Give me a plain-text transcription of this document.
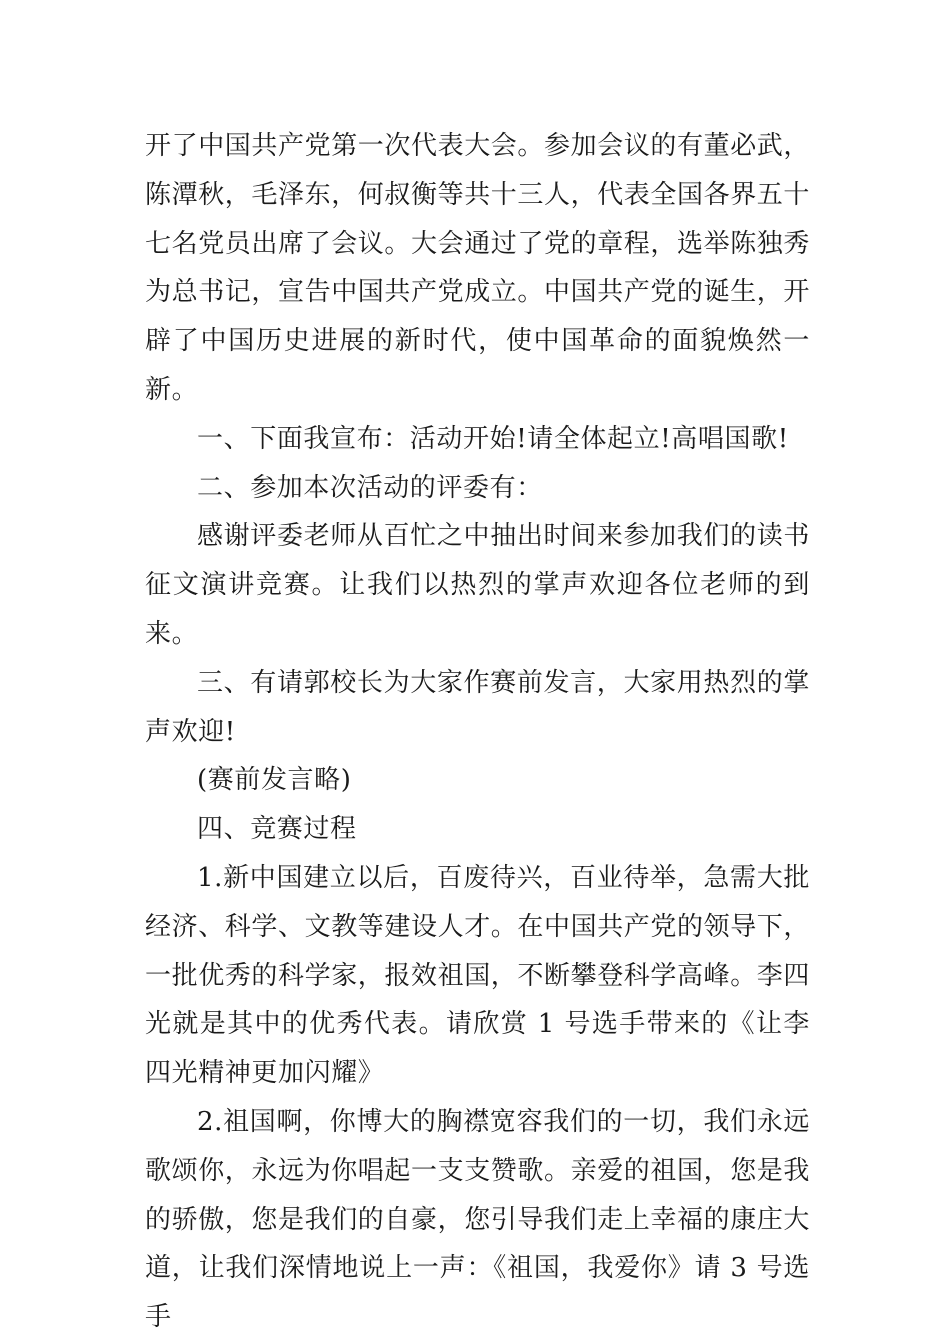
开了中国共产党第一次代表大会。参加会议的有董必武，陈潭秋，毛泽东，何叔衡等共十三人，代表全国各界五十七名党员出席了会议。大会通过了党的章程，选举陈独秀为总书记，宣告中国共产党成立。中国共产党的诞生，开辟了中国历史进展的新时代，使中国革命的面貌焕然一新。

一、下面我宣布：活动开始!请全体起立!高唱国歌!

二、参加本次活动的评委有：

感谢评委老师从百忙之中抽出时间来参加我们的读书征文演讲竞赛。让我们以热烈的掌声欢迎各位老师的到来。

三、有请郭校长为大家作赛前发言，大家用热烈的掌声欢迎!

(赛前发言略)

四、竞赛过程

1.新中国建立以后，百废待兴，百业待举，急需大批经济、科学、文教等建设人才。在中国共产党的领导下，一批优秀的科学家，报效祖国，不断攀登科学高峰。李四光就是其中的优秀代表。请欣赏 1 号选手带来的《让李四光精神更加闪耀》

2.祖国啊，你博大的胸襟宽容我们的一切，我们永远歌颂你，永远为你唱起一支支赞歌。亲爱的祖国，您是我的骄傲，您是我们的自豪，您引导我们走上幸福的康庄大道，让我们深情地说上一声：《祖国，我爱你》请 3 号选手
